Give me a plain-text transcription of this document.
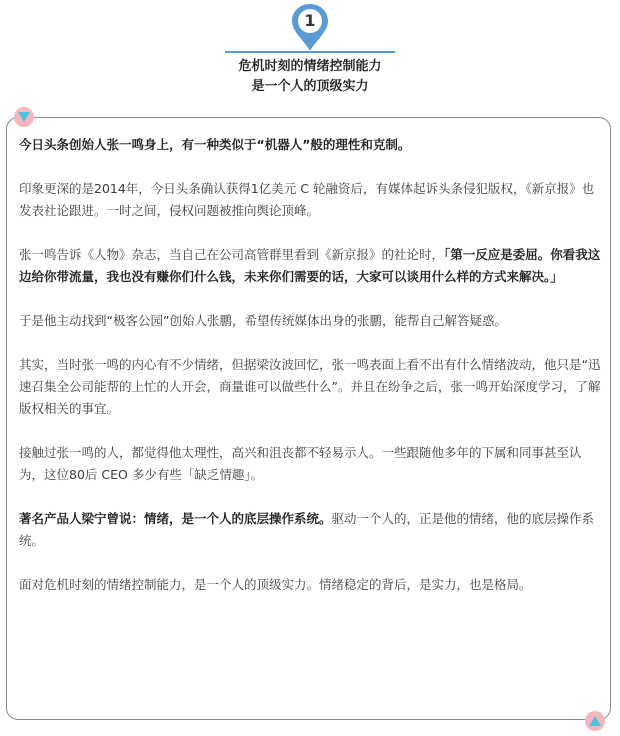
1
危机时刻的情绪控制能力
是一个人的顶级实力

今日头条创始人张一鸣身上，有一种类似于“机器人”般的理性和克制。

印象更深的是2014年，今日头条确认获得1亿美元 C 轮融资后，有媒体起诉头条侵犯版权，《新京报》也发表社论跟进。一时之间，侵权问题被推向舆论顶峰。

张一鸣告诉《人物》杂志，当自己在公司高管群里看到《新京报》的社论时，「第一反应是委屈。你看我这边给你带流量，我也没有赚你们什么钱，未来你们需要的话，大家可以谈用什么样的方式来解决。」

于是他主动找到“极客公园”创始人张鹏，希望传统媒体出身的张鹏，能帮自己解答疑惑。

其实，当时张一鸣的内心有不少情绪，但据梁汝波回忆，张一鸣表面上看不出有什么情绪波动，他只是“迅速召集全公司能帮的上忙的人开会，商量谁可以做些什么”。并且在纷争之后，张一鸣开始深度学习，了解版权相关的事宜。

接触过张一鸣的人，都觉得他太理性，高兴和沮丧都不轻易示人。一些跟随他多年的下属和同事甚至认为，这位80后 CEO 多少有些「缺乏情趣」。

著名产品人梁宁曾说：情绪，是一个人的底层操作系统。驱动一个人的，正是他的情绪，他的底层操作系统。

面对危机时刻的情绪控制能力，是一个人的顶级实力。情绪稳定的背后，是实力，也是格局。
